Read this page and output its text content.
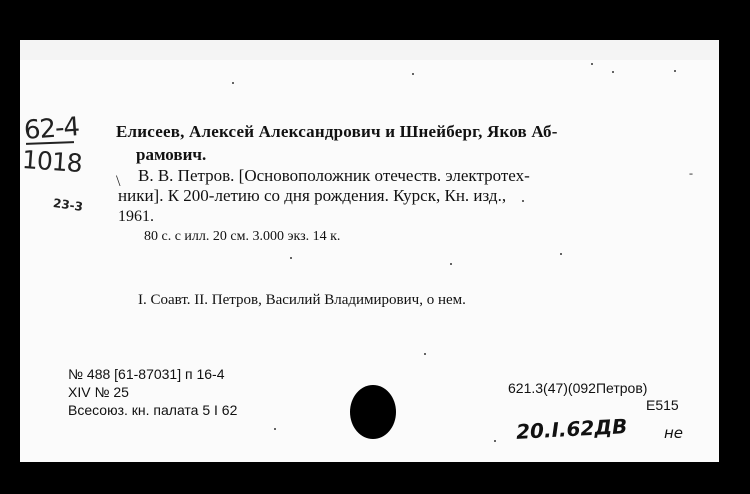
62-4
1018
23-3
Елисеев, Алексей Александрович и Шнейберг, Яков Аб-
рамович.
\ В. В. Петров. [Основоположник отечеств. электротех-	-
ники]. К 200-летию со дня рождения. Курск, Кн. изд.,
1961.
80 с. с илл. 20 см. 3.000 экз. 14 к.
I. Соавт. II. Петров, Василий Владимирович, о нем.
№ 488 [61-87031] п 16-4
XIV № 25
Всесоюз. кн. палата 5 I 62
621.3(47)(092Петров)
E515
20.I.62ДВ не
